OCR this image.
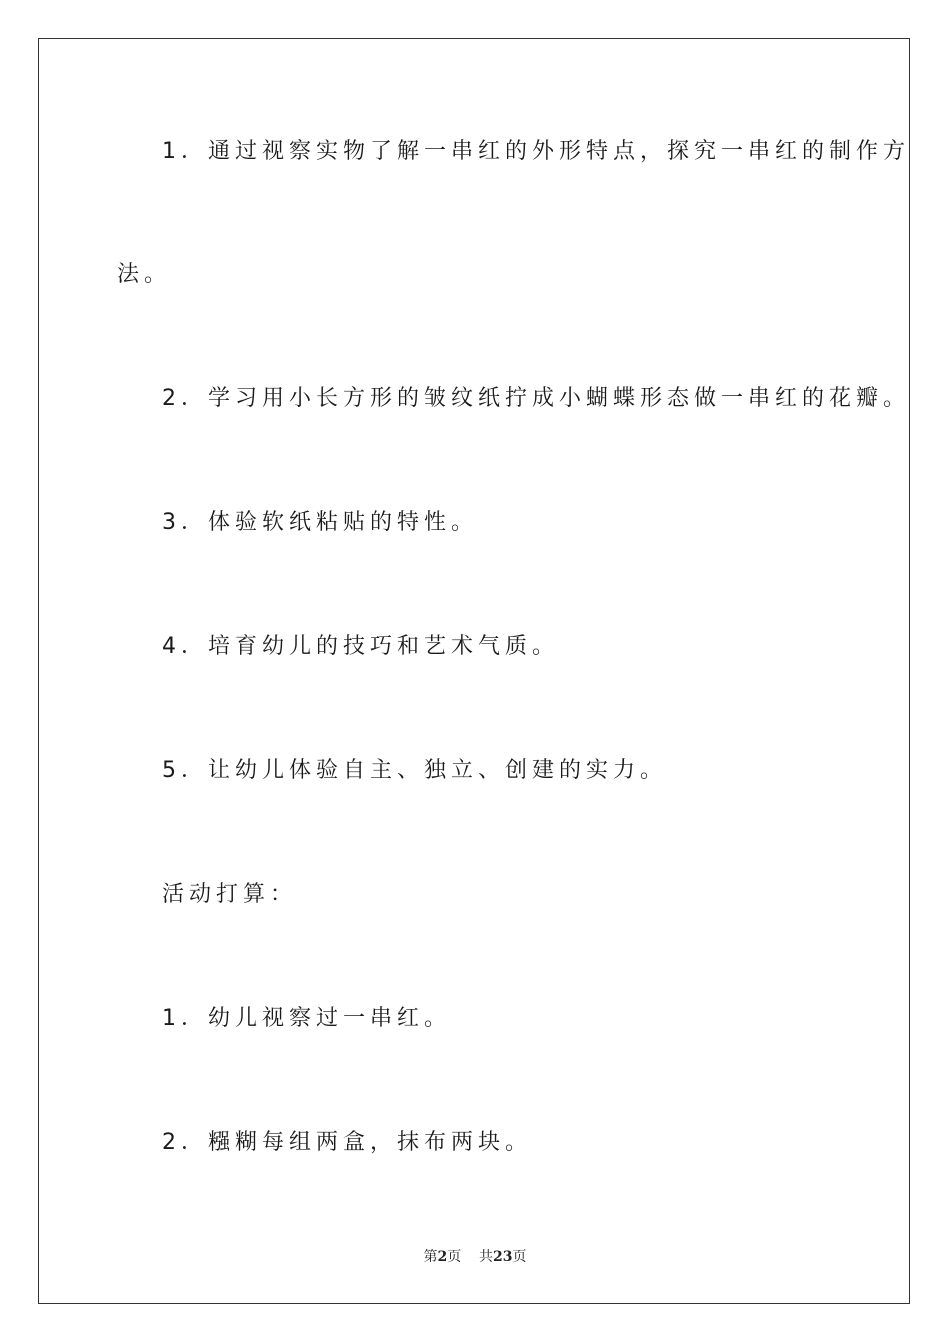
1．通过视察实物了解一串红的外形特点，探究一串红的制作方
法。
2．学习用小长方形的皱纹纸拧成小蝴蝶形态做一串红的花瓣。
3．体验软纸粘贴的特性。
4．培育幼儿的技巧和艺术气质。
5．让幼儿体验自主、独立、创建的实力。
活动打算：
1．幼儿视察过一串红。
2．糨糊每组两盒，抹布两块。
第2页 共23页
